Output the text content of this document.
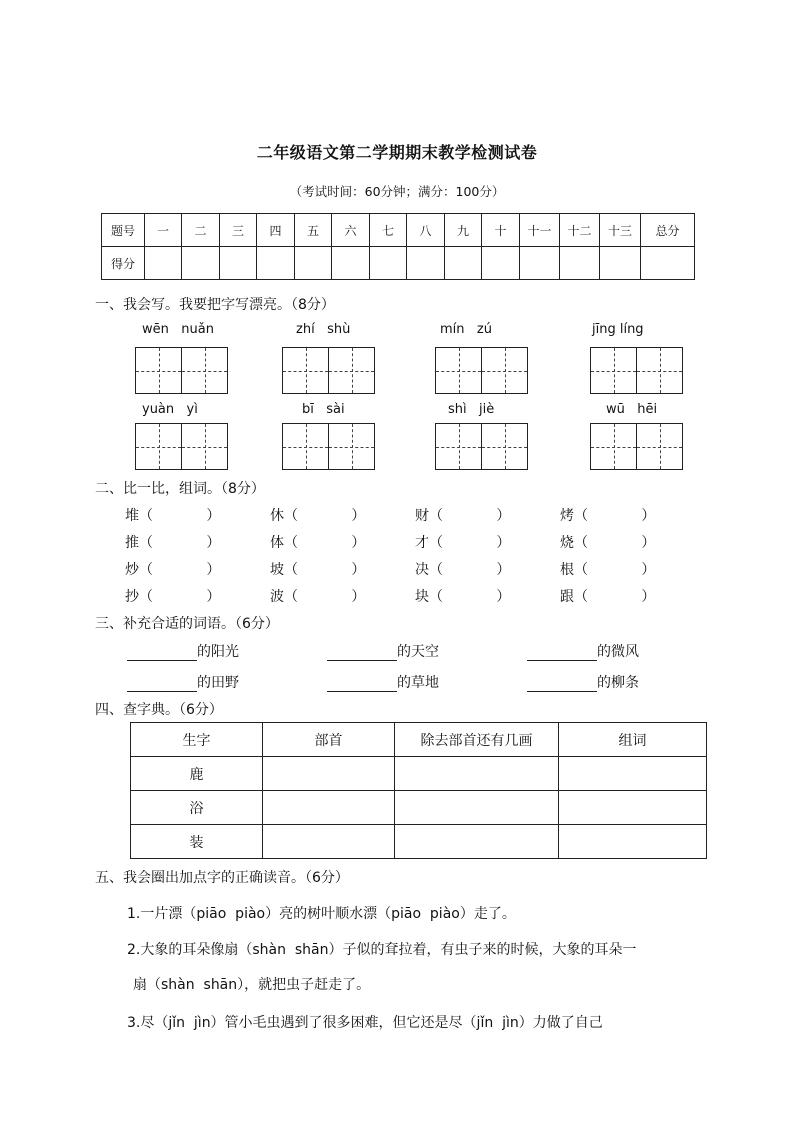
二年级语文第二学期期末教学检测试卷
（考试时间：60分钟；满分：100分）
题号	一	二	三	四	五	六	七	八	九	十	十一	十二	十三	总分
得分														
一、我会写。我要把字写漂亮。（8分）
wēn   nuǎn	zhí   shù	mín   zú	jīng líng
yuàn   yì	bī   sài	shì   jiè	wū   hēi
二、比一比，组词。（8分）
堆（            ）	休（            ）	财（            ）	烤（            ）
推（            ）	体（            ）	才（            ）	烧（            ）
炒（            ）	坡（            ）	决（            ）	根（            ）
抄（            ）	波（            ）	块（            ）	跟（            ）
三、补充合适的词语。（6分）
的阳光	的天空	的微风
的田野	的草地	的柳条
四、查字典。（6分）
生字	部首	除去部首还有几画	组词
鹿			
浴			
装			
五、我会圈出加点字的正确读音。（6分）
1.一片漂（piāo  piào）亮的树叶顺水漂（piāo  piào）走了。
2.大象的耳朵像扇（shàn  shān）子似的耷拉着，有虫子来的时候，大象的耳朵一
扇（shàn  shān），就把虫子赶走了。
3.尽（jǐn  jìn）管小毛虫遇到了很多困难，但它还是尽（jǐn  jìn）力做了自己
